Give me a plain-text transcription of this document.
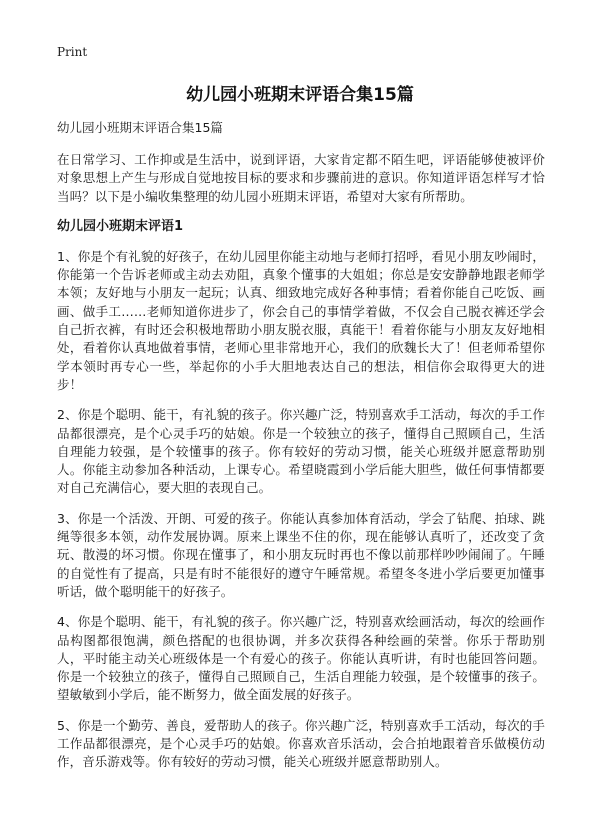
Print
幼儿园小班期末评语合集15篇

幼儿园小班期末评语合集15篇

在日常学习、工作抑或是生活中，说到评语，大家肯定都不陌生吧，评语能够使被评价对象思想上产生与形成自觉地按目标的要求和步骤前进的意识。你知道评语怎样写才恰当吗？以下是小编收集整理的幼儿园小班期末评语，希望对大家有所帮助。

幼儿园小班期末评语1

1、你是个有礼貌的好孩子，在幼儿园里你能主动地与老师打招呼，看见小朋友吵闹时，你能第一个告诉老师或主动去劝阻，真象个懂事的大姐姐；你总是安安静静地跟老师学本领；友好地与小朋友一起玩；认真、细致地完成好各种事情；看着你能自己吃饭、画画、做手工……老师知道你进步了，你会自己的事情学着做，不仅会自己脱衣裤还学会自己折衣裤，有时还会积极地帮助小朋友脱衣服，真能干！看着你能与小朋友友好地相处，看着你认真地做着事情，老师心里非常地开心，我们的欣魏长大了！但老师希望你学本领时再专心一些，举起你的小手大胆地表达自己的想法，相信你会取得更大的进步！

2、你是个聪明、能干，有礼貌的孩子。你兴趣广泛，特别喜欢手工活动，每次的手工作品都很漂亮，是个心灵手巧的姑娘。你是一个较独立的孩子，懂得自己照顾自己，生活自理能力较强，是个较懂事的孩子。你有较好的劳动习惯，能关心班级并愿意帮助别人。你能主动参加各种活动，上课专心。希望晓霞到小学后能大胆些，做任何事情都要对自己充满信心，要大胆的表现自己。

3、你是一个活泼、开朗、可爱的孩子。你能认真参加体育活动，学会了钻爬、拍球、跳绳等很多本领，动作发展协调。原来上课坐不住的你，现在能够认真听了，还改变了贪玩、散漫的坏习惯。你现在懂事了，和小朋友玩时再也不像以前那样吵吵闹闹了。午睡的自觉性有了提高，只是有时不能很好的遵守午睡常规。希望冬冬进小学后要更加懂事听话，做个聪明能干的好孩子。

4、你是个聪明、能干，有礼貌的孩子。你兴趣广泛，特别喜欢绘画活动，每次的绘画作品构图都很饱满，颜色搭配的也很协调，并多次获得各种绘画的荣誉。你乐于帮助别人，平时能主动关心班级体是一个有爱心的孩子。你能认真听讲，有时也能回答问题。你是一个较独立的孩子，懂得自己照顾自己，生活自理能力较强，是个较懂事的孩子。望敏敏到小学后，能不断努力，做全面发展的好孩子。

5、你是一个勤劳、善良，爱帮助人的孩子。你兴趣广泛，特别喜欢手工活动，每次的手工作品都很漂亮，是个心灵手巧的姑娘。你喜欢音乐活动，会合拍地跟着音乐做模仿动作，音乐游戏等。你有较好的劳动习惯，能关心班级并愿意帮助别人。
